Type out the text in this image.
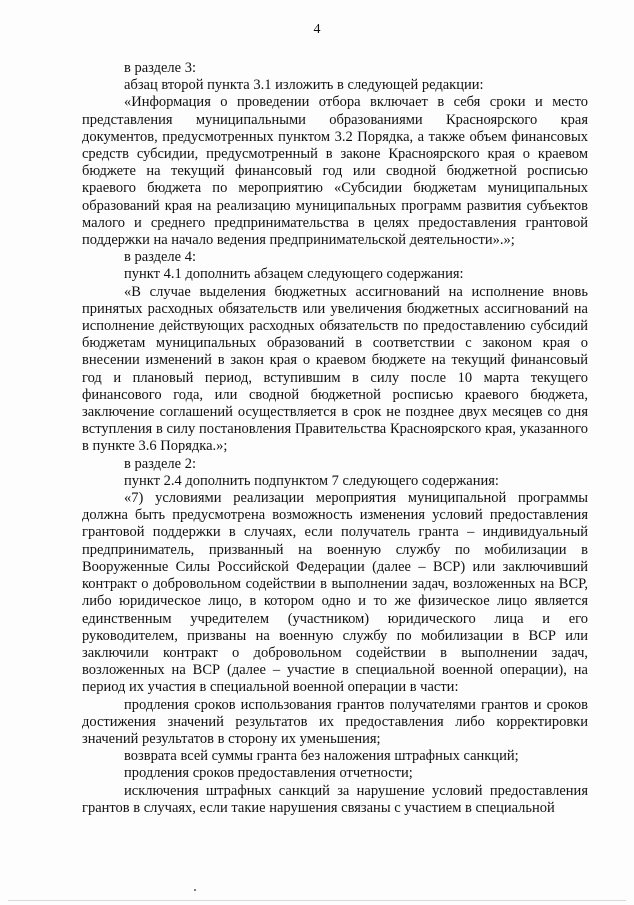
4

в разделе 3:

абзац второй пункта 3.1 изложить в следующей редакции:

«Информация о проведении отбора включает в себя сроки и место представления муниципальными образованиями Красноярского края документов, предусмотренных пунктом 3.2 Порядка, а также объем финансовых средств субсидии, предусмотренный в законе Красноярского края о краевом бюджете на текущий финансовый год или сводной бюджетной росписью краевого бюджета по мероприятию «Субсидии бюджетам муниципальных образований края на реализацию муниципальных программ развития субъектов малого и среднего предпринимательства в целях предоставления грантовой поддержки на начало ведения предпринимательской деятельности».»;

в разделе 4:

пункт 4.1 дополнить абзацем следующего содержания:

«В случае выделения бюджетных ассигнований на исполнение вновь принятых расходных обязательств или увеличения бюджетных ассигнований на исполнение действующих расходных обязательств по предоставлению субсидий бюджетам муниципальных образований в соответствии с законом края о внесении изменений в закон края о краевом бюджете на текущий финансовый год и плановый период, вступившим в силу после 10 марта текущего финансового года, или сводной бюджетной росписью краевого бюджета, заключение соглашений осуществляется в срок не позднее двух месяцев со дня вступления в силу постановления Правительства Красноярского края, указанного в пункте 3.6 Порядка.»;

в разделе 2:

пункт 2.4 дополнить подпунктом 7 следующего содержания:

«7) условиями реализации мероприятия муниципальной программы должна быть предусмотрена возможность изменения условий предоставления грантовой поддержки в случаях, если получатель гранта – индивидуальный предприниматель, призванный на военную службу по мобилизации в Вооруженные Силы Российской Федерации (далее – ВСР) или заключивший контракт о добровольном содействии в выполнении задач, возложенных на ВСР, либо юридическое лицо, в котором одно и то же физическое лицо является единственным учредителем (участником) юридического лица и его руководителем, призваны на военную службу по мобилизации в ВСР или заключили контракт о добровольном содействии в выполнении задач, возложенных на ВСР (далее – участие в специальной военной операции), на период их участия в специальной военной операции в части:

продления сроков использования грантов получателями грантов и сроков достижения значений результатов их предоставления либо корректировки значений результатов в сторону их уменьшения;

возврата всей суммы гранта без наложения штрафных санкций;

продления сроков предоставления отчетности;

исключения штрафных санкций за нарушение условий предоставления грантов в случаях, если такие нарушения связаны с участием в специальной
